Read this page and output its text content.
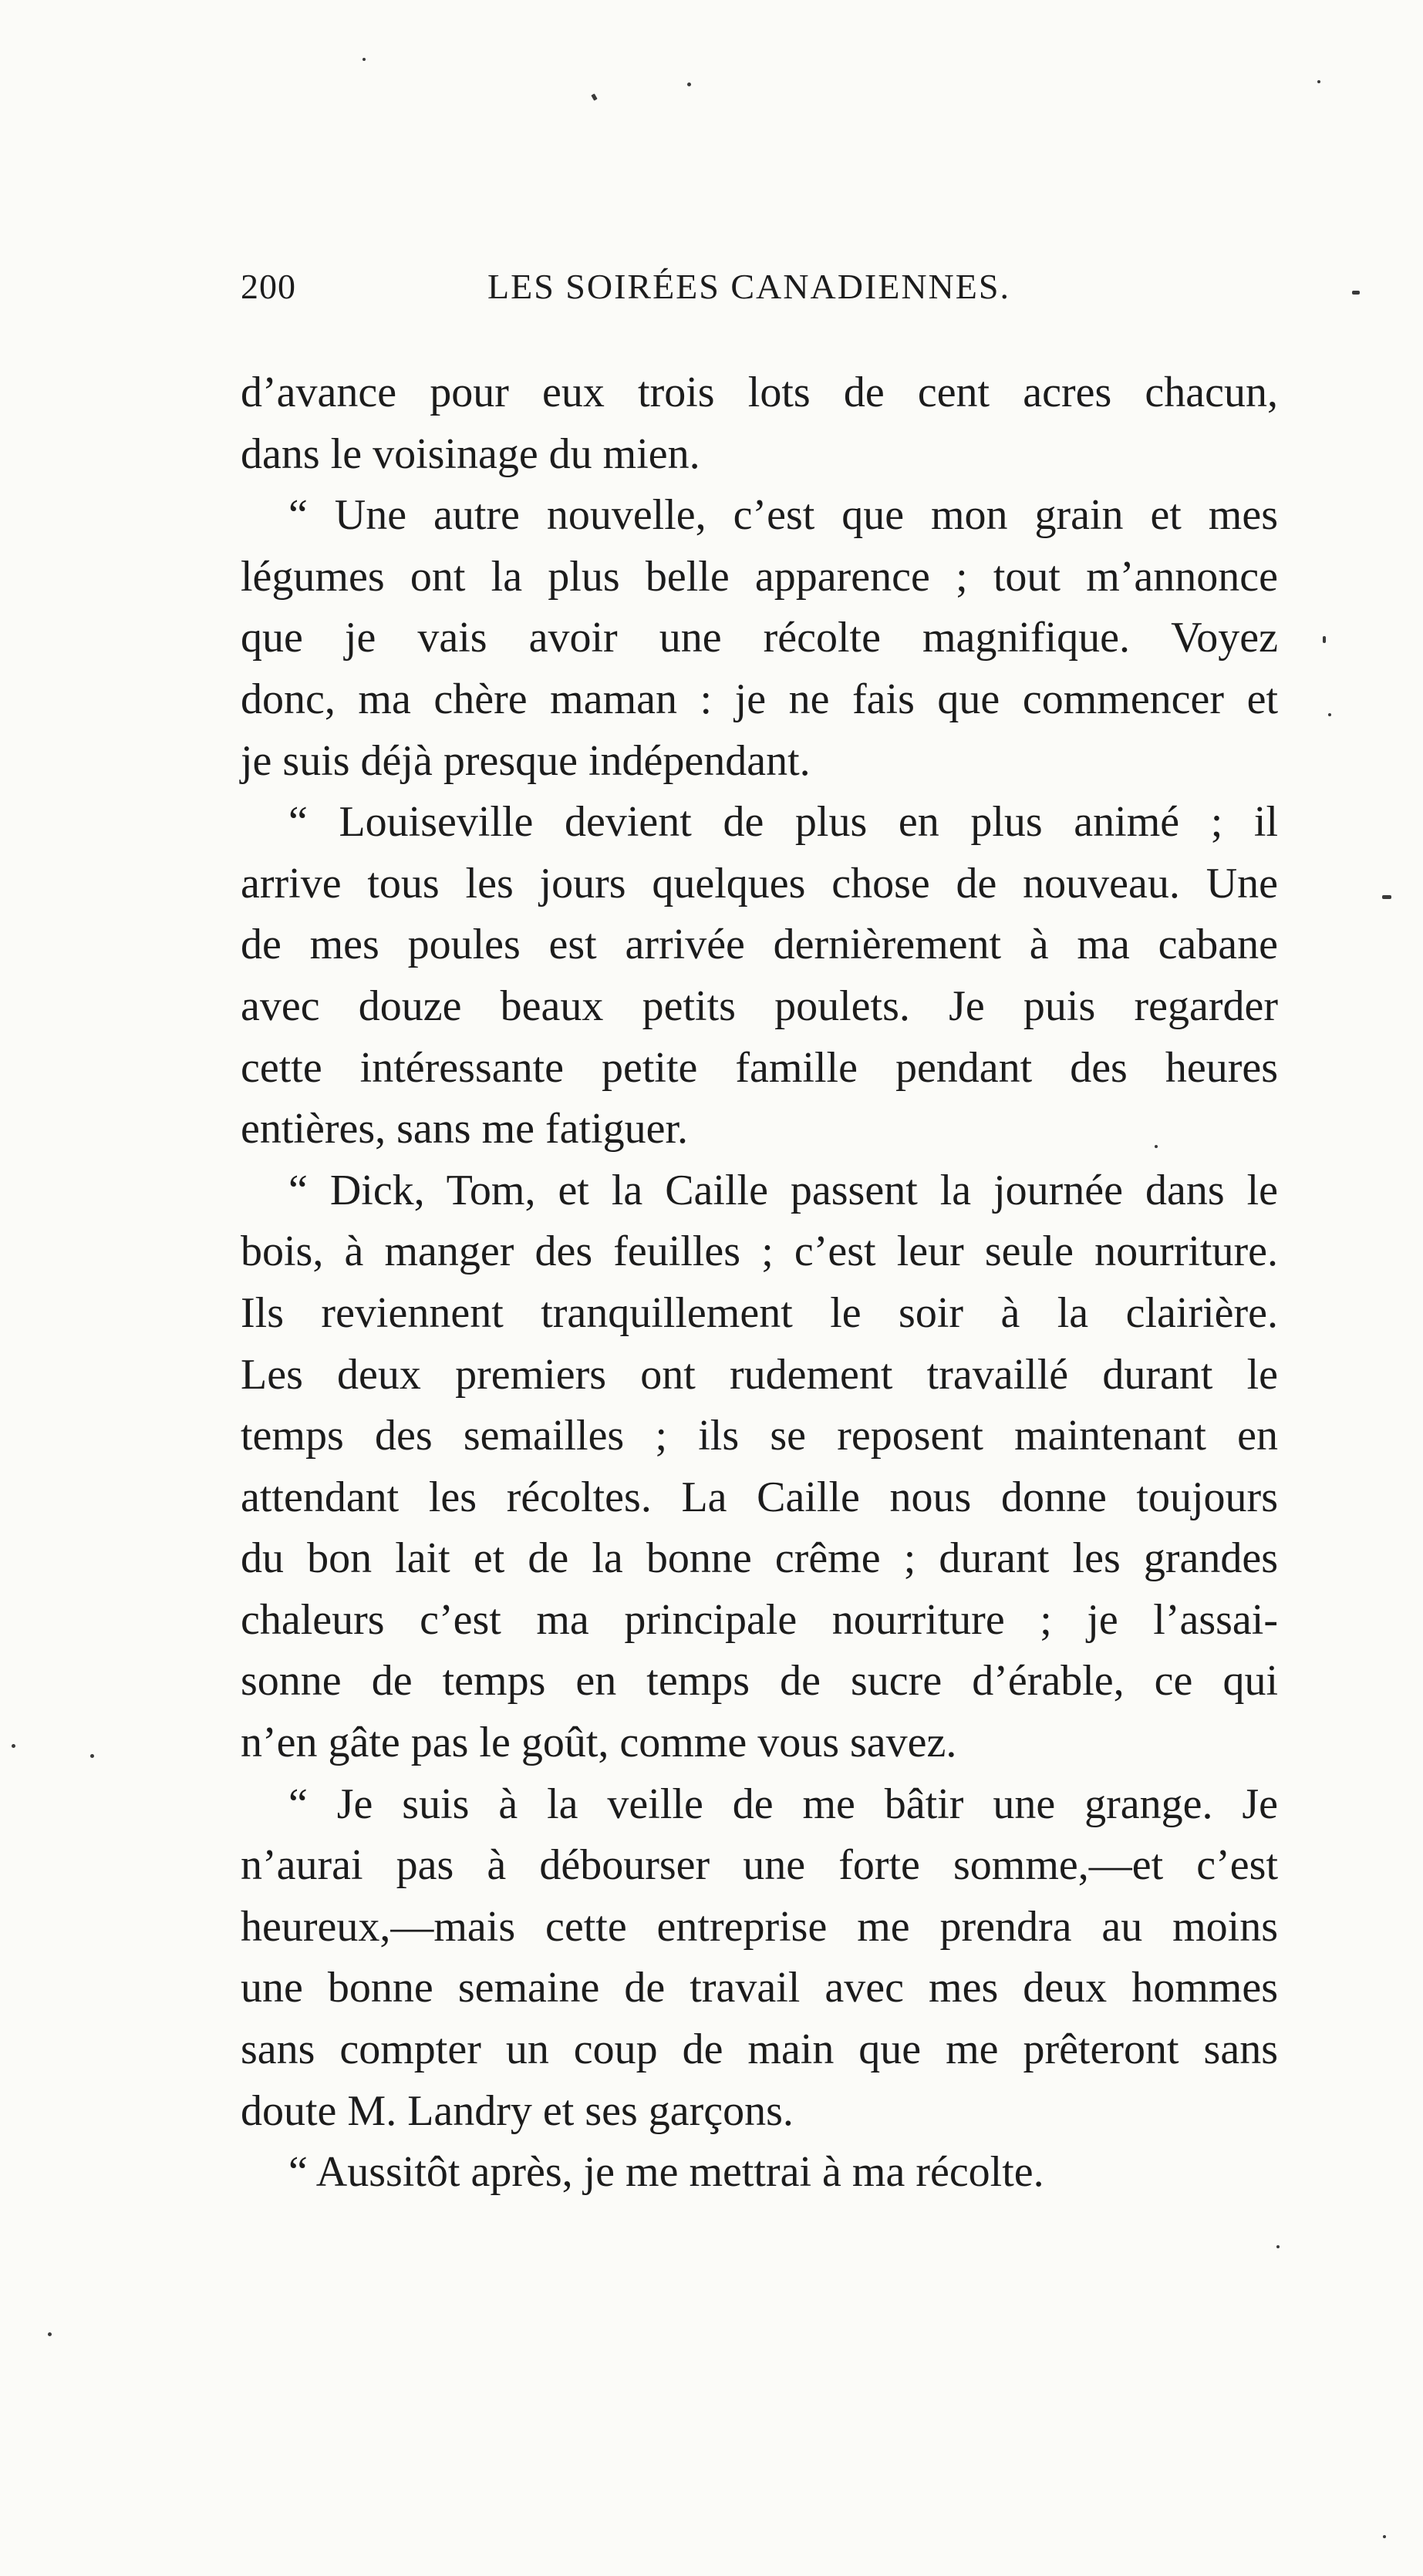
200	LES SOIRÉES CANADIENNES.
d’avance pour eux trois lots de cent acres chacun,
dans le voisinage du mien.
“ Une autre nouvelle, c’est que mon grain et mes
légumes ont la plus belle apparence ; tout m’annonce
que je vais avoir une récolte magnifique. Voyez
donc, ma chère maman : je ne fais que commencer et
je suis déjà presque indépendant.
“ Louiseville devient de plus en plus animé ; il
arrive tous les jours quelques chose de nouveau. Une
de mes poules est arrivée dernièrement à ma cabane
avec douze beaux petits poulets. Je puis regarder
cette intéressante petite famille pendant des heures
entières, sans me fatiguer.
“ Dick, Tom, et la Caille passent la journée dans le
bois, à manger des feuilles ; c’est leur seule nourriture.
Ils reviennent tranquillement le soir à la clairière.
Les deux premiers ont rudement travaillé durant le
temps des semailles ; ils se reposent maintenant en
attendant les récoltes. La Caille nous donne toujours
du bon lait et de la bonne crême ; durant les grandes
chaleurs c’est ma principale nourriture ; je l’assai-
sonne de temps en temps de sucre d’érable, ce qui
n’en gâte pas le goût, comme vous savez.
“ Je suis à la veille de me bâtir une grange. Je
n’aurai pas à débourser une forte somme,—et c’est
heureux,—mais cette entreprise me prendra au moins
une bonne semaine de travail avec mes deux hommes
sans compter un coup de main que me prêteront sans
doute M. Landry et ses garçons.
“ Aussitôt après, je me mettrai à ma récolte.
